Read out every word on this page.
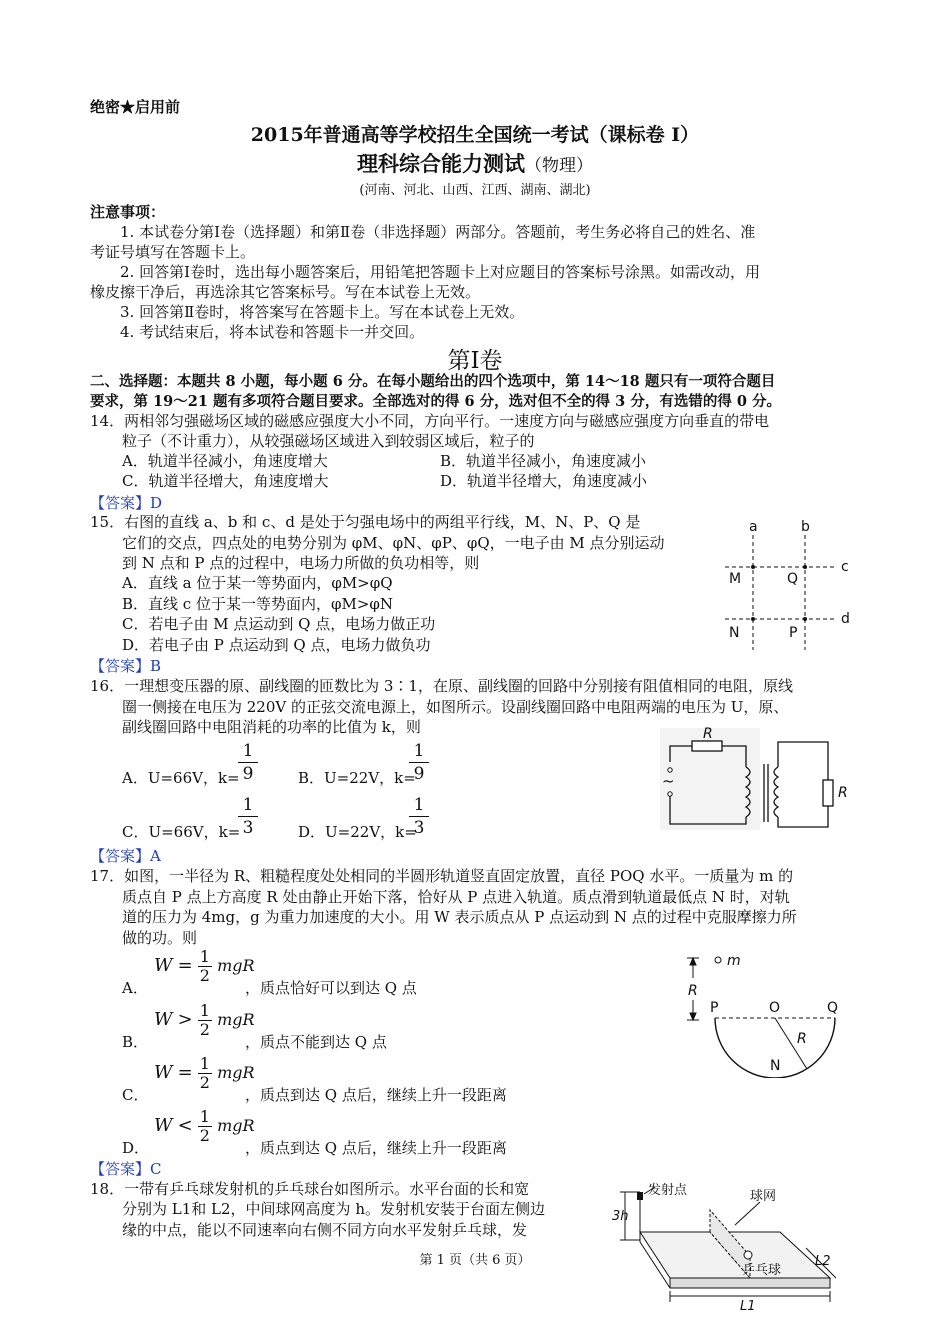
绝密★启用前
2015年普通高等学校招生全国统一考试（课标卷 I）
理科综合能力测试（物理）
(河南、河北、山西、江西、湖南、湖北)
注意事项：
1. 本试卷分第Ⅰ卷（选择题）和第Ⅱ卷（非选择题）两部分。答题前，考生务必将自己的姓名、准
考证号填写在答题卡上。
2. 回答第Ⅰ卷时，选出每小题答案后，用铅笔把答题卡上对应题目的答案标号涂黑。如需改动，用
橡皮擦干净后，再选涂其它答案标号。写在本试卷上无效。
3. 回答第Ⅱ卷时，将答案写在答题卡上。写在本试卷上无效。
4. 考试结束后，将本试卷和答题卡一并交回。
第Ⅰ卷
二、选择题：本题共 8 小题，每小题 6 分。在每小题给出的四个选项中，第 14～18 题只有一项符合题目
要求，第 19～21 题有多项符合题目要求。全部选对的得 6 分，选对但不全的得 3 分，有选错的得 0 分。
14．两相邻匀强磁场区域的磁感应强度大小不同，方向平行。一速度方向与磁感应强度方向垂直的带电
粒子（不计重力），从较强磁场区域进入到较弱区域后，粒子的
A．轨道半径减小，角速度增大	B．轨道半径减小，角速度减小
C．轨道半径增大，角速度增大	D．轨道半径增大，角速度减小
【答案】D
15．右图的直线 a、b 和 c、d 是处于匀强电场中的两组平行线，M、N、P、Q 是
它们的交点，四点处的电势分别为 φM、φN、φP、φQ，一电子由 M 点分别运动
到 N 点和 P 点的过程中，电场力所做的负功相等，则
A．直线 a 位于某一等势面内，φM>φQ
B．直线 c 位于某一等势面内，φM>φN
C．若电子由 M 点运动到 Q 点，电场力做正功
D．若电子由 P 点运动到 Q 点，电场力做负功
【答案】B
a	b
c
d
M	Q
N	P
16．一理想变压器的原、副线圈的匝数比为 3∶1，在原、副线圈的回路中分别接有阻值相同的电阻，原线
圈一侧接在电压为 220V 的正弦交流电源上，如图所示。设副线圈回路中电阻两端的电压为 U，原、
副线圈回路中电阻消耗的功率的比值为 k，则
A．U=66V，k=
1
9	B．U=22V，k=
1
9
C．U=66V，k=
1
3	D．U=22V，k=
1
3
【答案】A
~
R
R
17．如图，一半径为 R、粗糙程度处处相同的半圆形轨道竖直固定放置，直径 POQ 水平。一质量为 m 的
质点自 P 点上方高度 R 处由静止开始下落，恰好从 P 点进入轨道。质点滑到轨道最低点 N 时，对轨
道的压力为 4mg，g 为重力加速度的大小。用 W 表示质点从 P 点运动到 N 点的过程中克服摩擦力所
做的功。则
A．
$W = \frac{1}{2}$ mgR
，质点恰好可以到达 Q 点
B．
$W > \frac{1}{2}$ mgR
，质点不能到达 Q 点
C．
$W = \frac{1}{2}$ mgR
，质点到达 Q 点后，继续上升一段距离
D．
$W < \frac{1}{2}$ mgR
，质点到达 Q 点后，继续上升一段距离
【答案】C
m
R
P	O	Q
R
N
18．一带有乒乓球发射机的乒乓球台如图所示。水平台面的长和宽
分别为 L1和 L2，中间球网高度为 h。发射机安装于台面左侧边
缘的中点，能以不同速率向右侧不同方向水平发射乒乓球，发
发射点	球网
乒乓球
3h
L1
L2
第 1 页（共 6 页）
